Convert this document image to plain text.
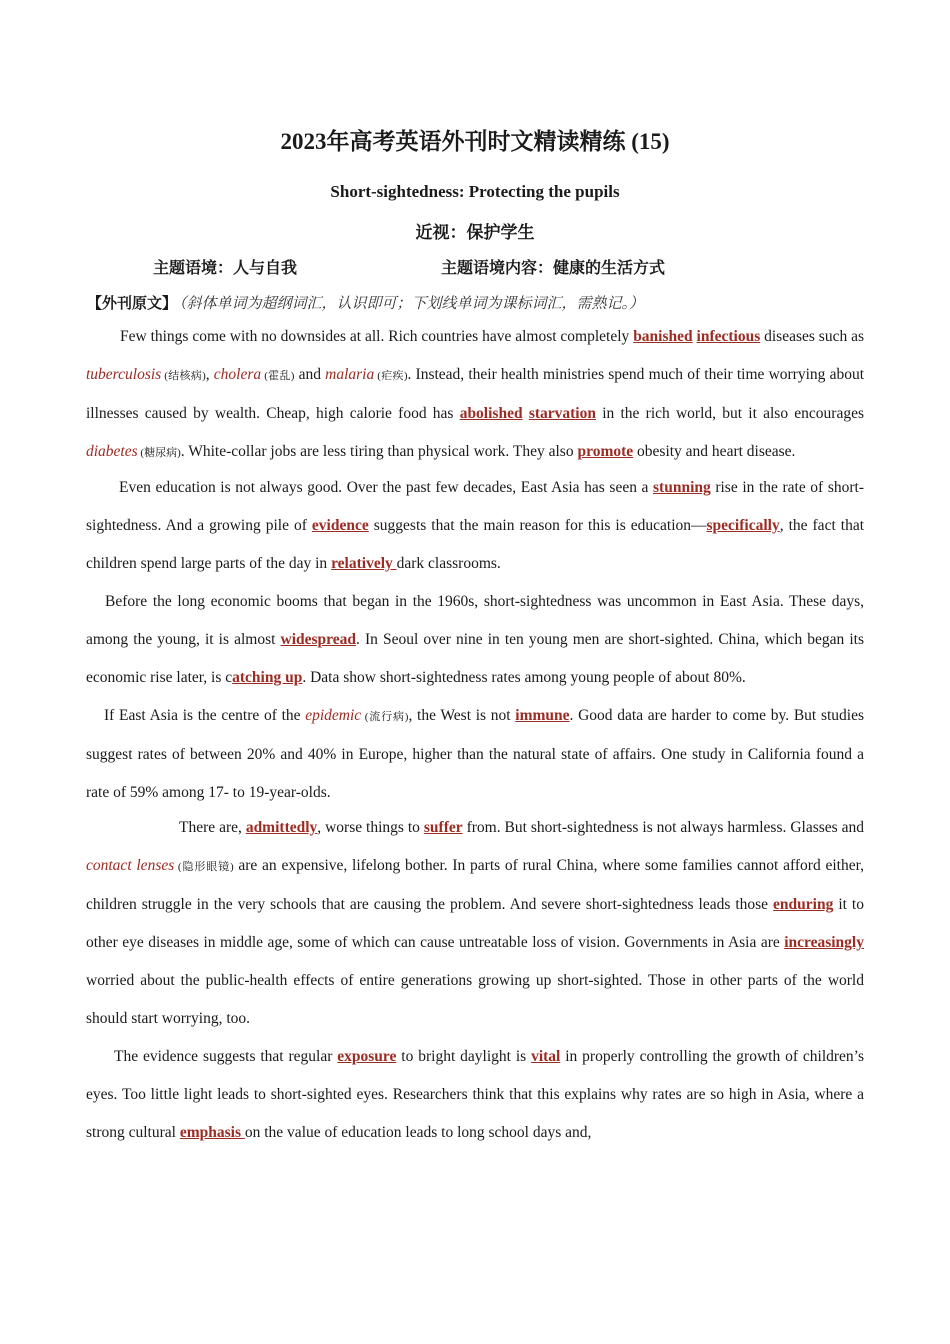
2023年高考英语外刊时文精读精练 (15)
Short-sightedness: Protecting the pupils
近视：保护学生
主题语境：人与自我	主题语境内容：健康的生活方式
【外刊原文】 （斜体单词为超纲词汇，认识即可；下划线单词为课标词汇，需熟记。）

Few things come with no downsides at all. Rich countries have almost completely banished infectious diseases such as tuberculosis (结核病), cholera (霍乱) and malaria (疟疾). Instead, their health ministries spend much of their time worrying about illnesses caused by wealth. Cheap, high calorie food has abolished starvation in the rich world, but it also encourages diabetes (糖尿病). White-collar jobs are less tiring than physical work. They also promote obesity and heart disease.

Even education is not always good. Over the past few decades, East Asia has seen a stunning rise in the rate of short-sightedness. And a growing pile of evidence suggests that the main reason for this is education—specifically, the fact that children spend large parts of the day in relatively dark classrooms.

Before the long economic booms that began in the 1960s, short-sightedness was uncommon in East Asia. These days, among the young, it is almost widespread. In Seoul over nine in ten young men are short-sighted. China, which began its economic rise later, is catching up. Data show short-sightedness rates among young people of about 80%.

If East Asia is the centre of the epidemic (流行病), the West is not immune. Good data are harder to come by. But studies suggest rates of between 20% and 40% in Europe, higher than the natural state of affairs. One study in California found a rate of 59% among 17- to 19-year-olds.

There are, admittedly, worse things to suffer from. But short-sightedness is not always harmless. Glasses and contact lenses (隐形眼镜) are an expensive, lifelong bother. In parts of rural China, where some families cannot afford either, children struggle in the very schools that are causing the problem. And severe short-sightedness leads those enduring it to other eye diseases in middle age, some of which can cause untreatable loss of vision. Governments in Asia are increasingly worried about the public-health effects of entire generations growing up short-sighted. Those in other parts of the world should start worrying, too.

The evidence suggests that regular exposure to bright daylight is vital in properly controlling the growth of children’s eyes. Too little light leads to short-sighted eyes. Researchers think that this explains why rates are so high in Asia, where a strong cultural emphasis on the value of education leads to long school days and,
